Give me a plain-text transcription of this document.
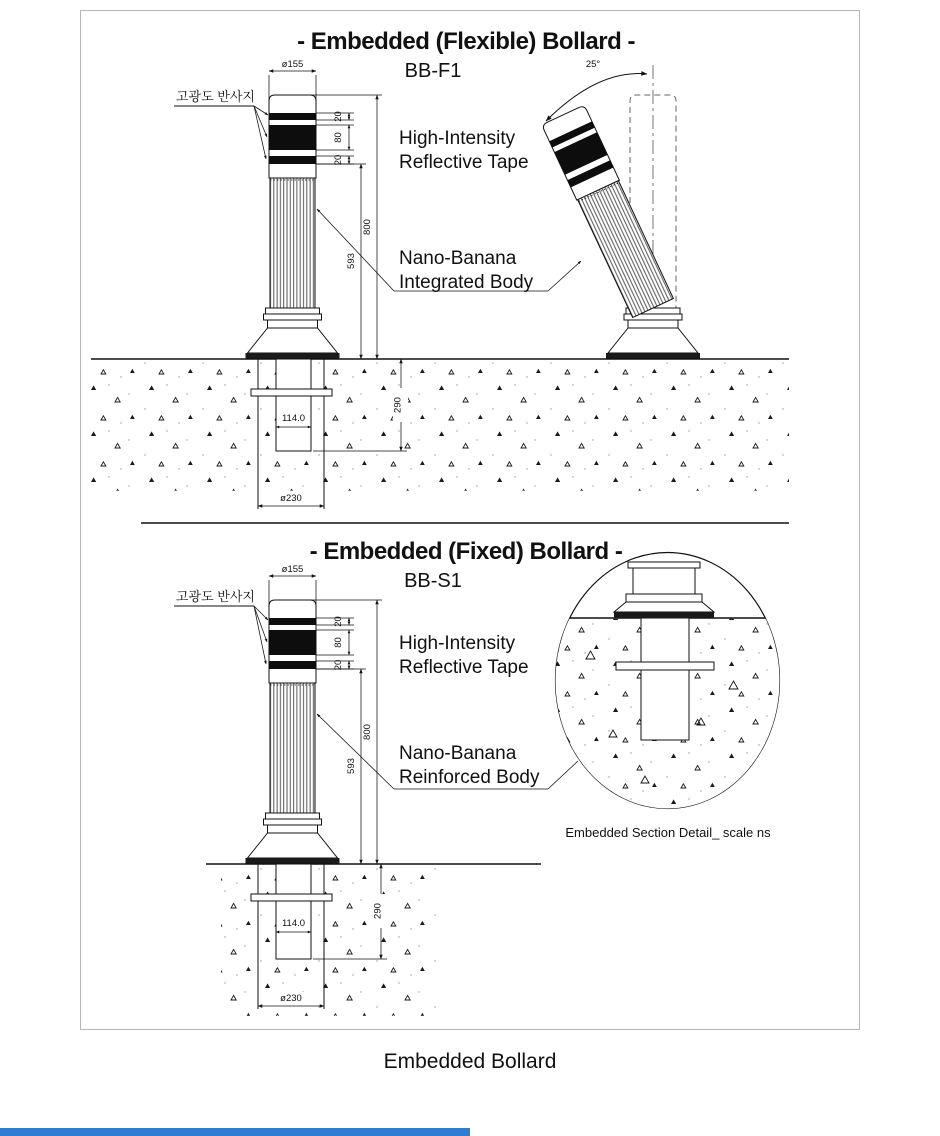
- Embedded (Flexible) Bollard -
BB-F1	25°
ø155
고광도 반사지
20
80
20
593
800
114.0
290
ø230
High-Intensity
Reflective Tape
Nano-Banana
Integrated Body
- Embedded (Fixed) Bollard -
BB-S1
ø155
고광도 반사지
20
80
20
593
800
114.0
290
ø230
Embedded Section Detail_ scale ns
High-Intensity
Reflective Tape
Nano-Banana
Reinforced Body
Embedded Bollard
